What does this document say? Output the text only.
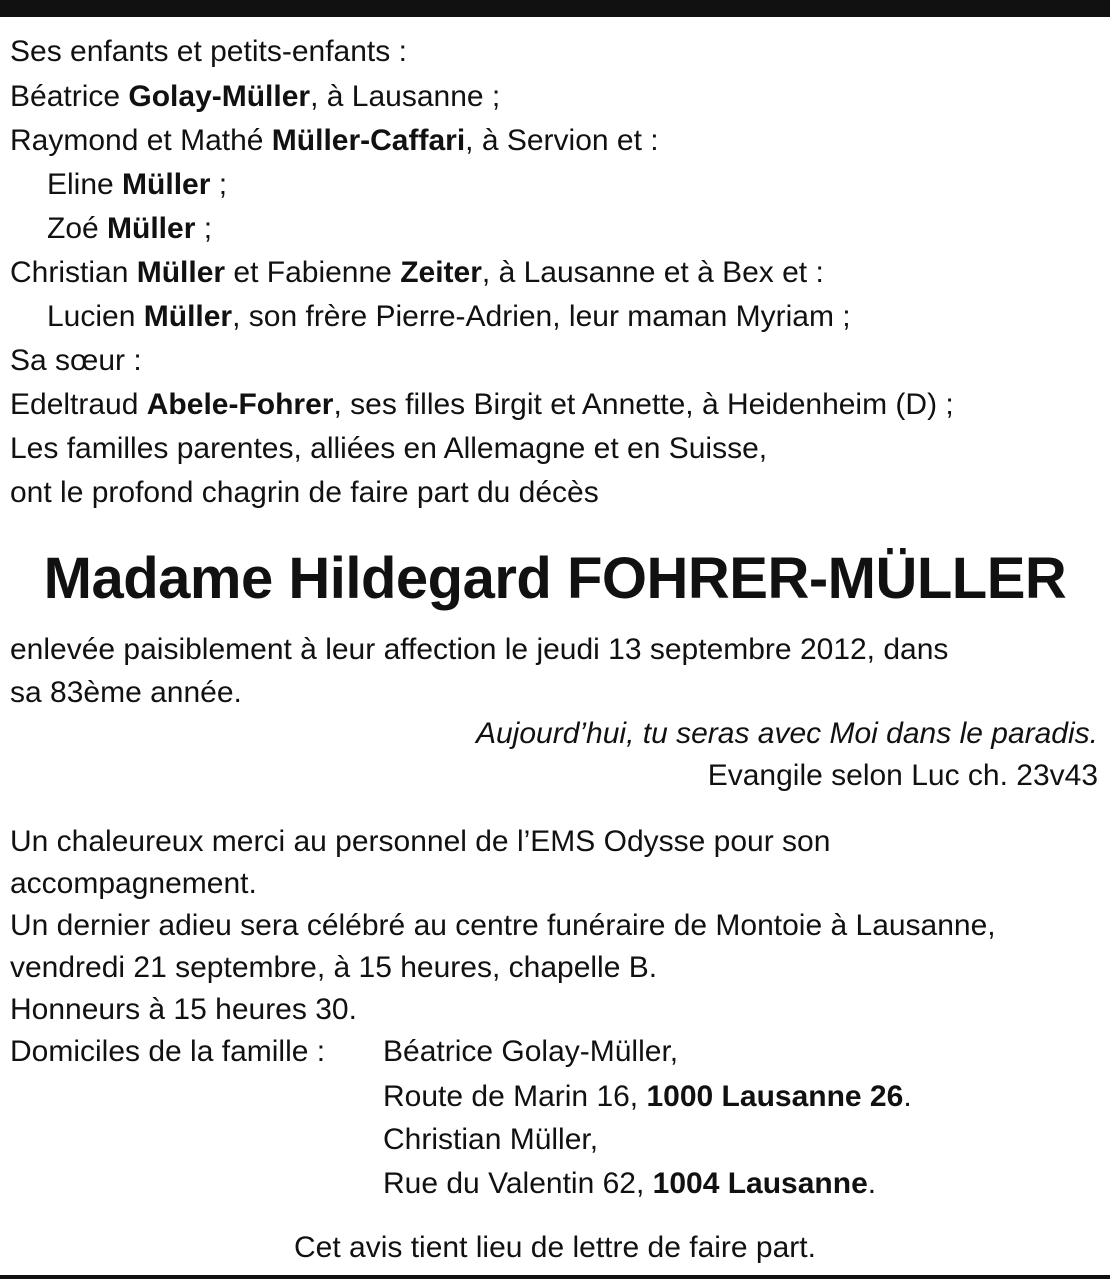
Ses enfants et petits-enfants :
Béatrice Golay-Müller, à Lausanne ;
Raymond et Mathé Müller-Caffari, à Servion et :
Eline Müller ;
Zoé Müller ;
Christian Müller et Fabienne Zeiter, à Lausanne et à Bex et :
Lucien Müller, son frère Pierre-Adrien, leur maman Myriam ;
Sa sœur :
Edeltraud Abele-Fohrer, ses filles Birgit et Annette, à Heidenheim (D) ;
Les familles parentes, alliées en Allemagne et en Suisse,
ont le profond chagrin de faire part du décès
Madame Hildegard FOHRER-MÜLLER
enlevée paisiblement à leur affection le jeudi 13 septembre 2012, dans
sa 83ème année.
Aujourd’hui, tu seras avec Moi dans le paradis.
Evangile selon Luc ch. 23v43
Un chaleureux merci au personnel de l’EMS Odysse pour son
accompagnement.
Un dernier adieu sera célébré au centre funéraire de Montoie à Lausanne,
vendredi 21 septembre, à 15 heures, chapelle B.
Honneurs à 15 heures 30.
Domiciles de la famille : Béatrice Golay-Müller,
Route de Marin 16, 1000 Lausanne 26.
Christian Müller,
Rue du Valentin 62, 1004 Lausanne.
Cet avis tient lieu de lettre de faire part.
